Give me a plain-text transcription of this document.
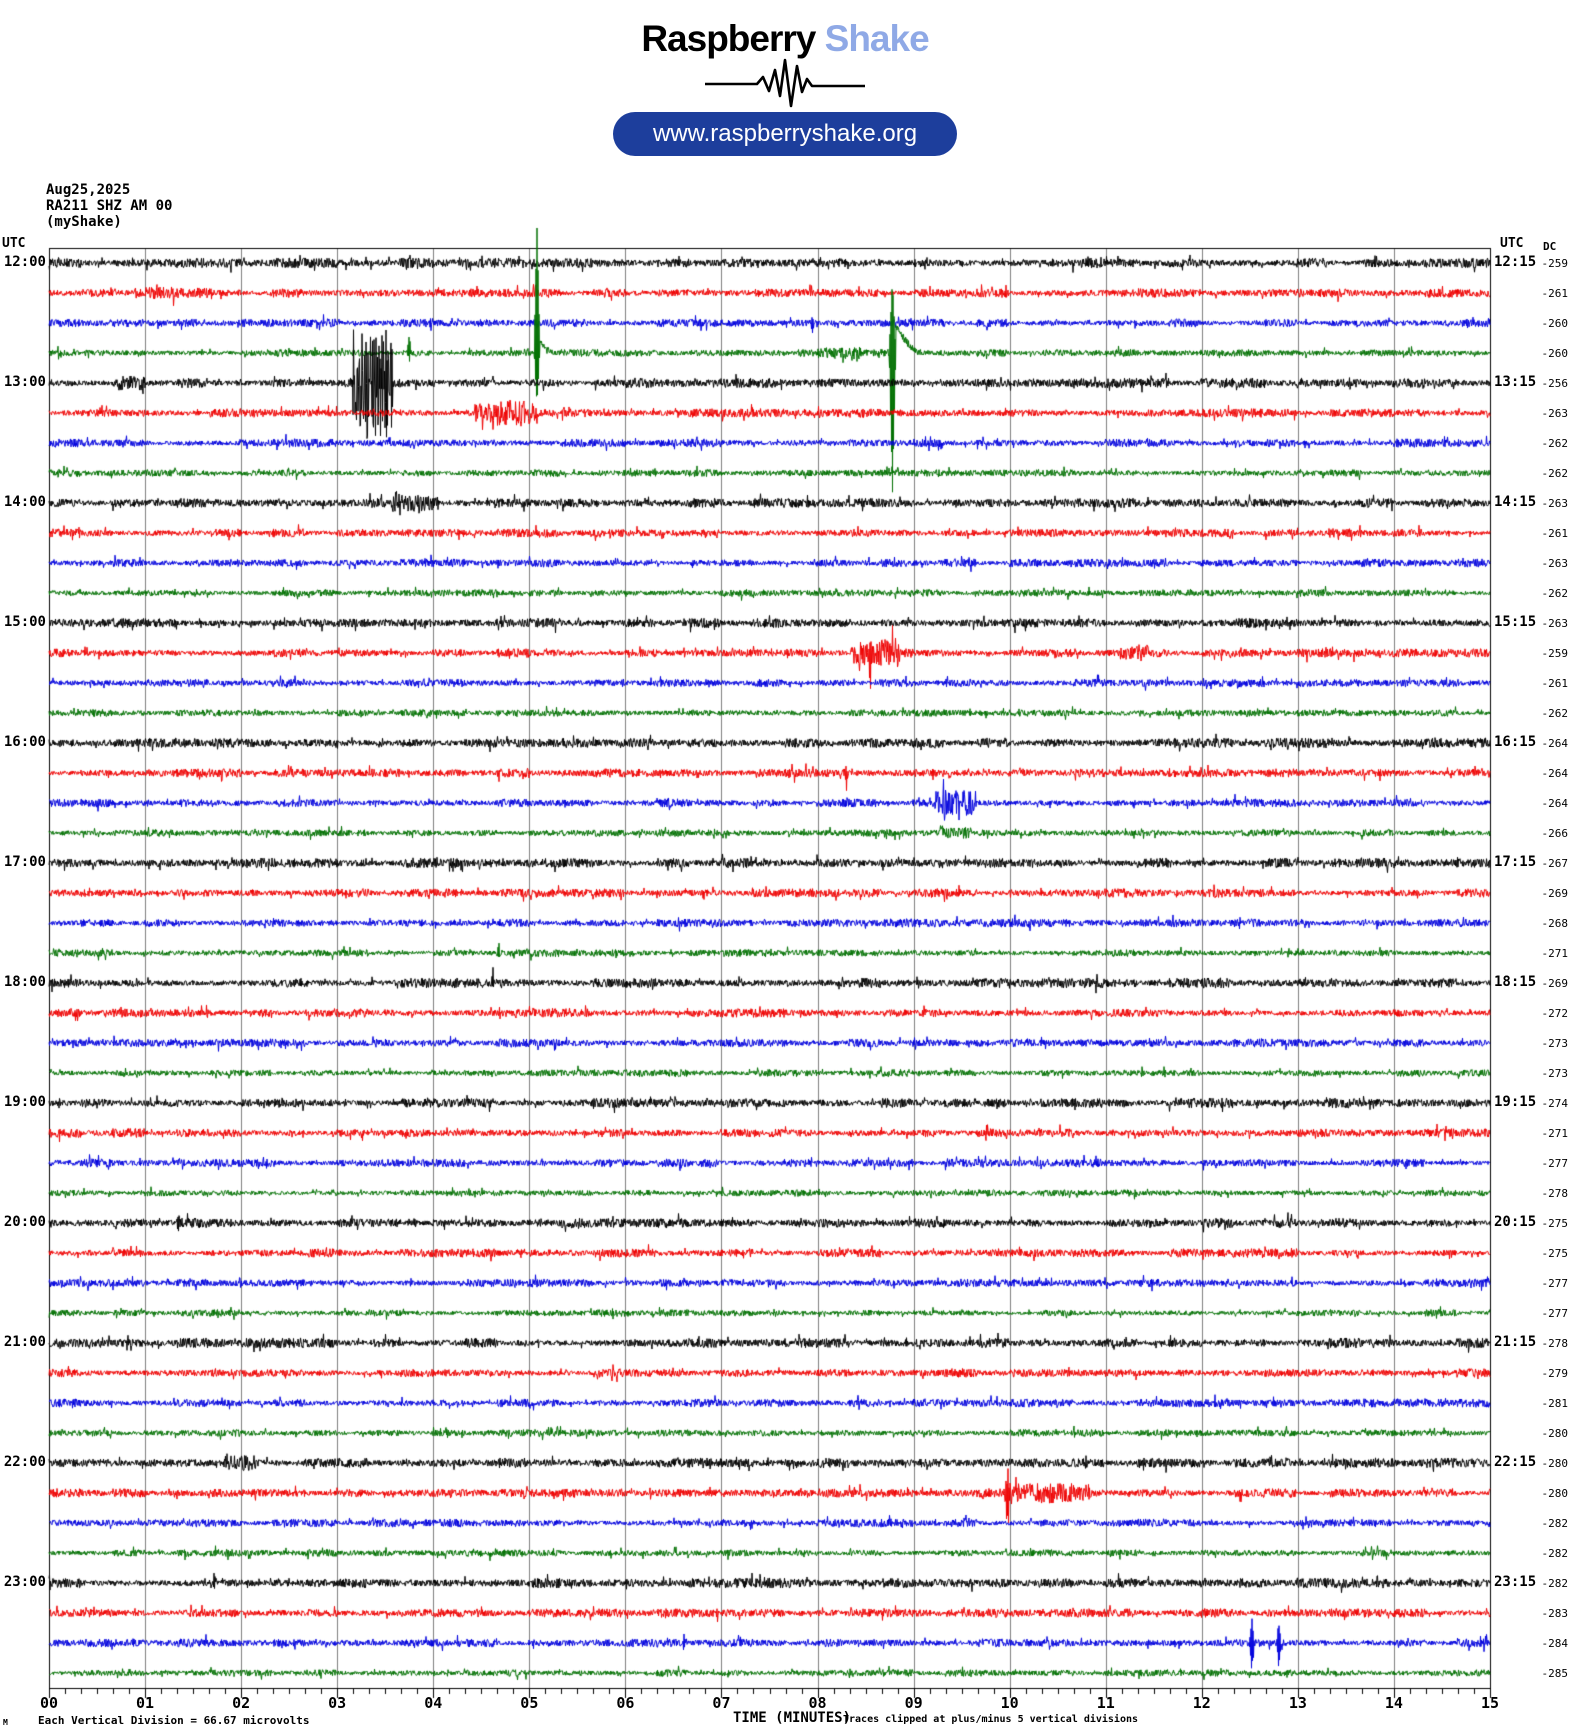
12:00
13:00
14:00
15:00
16:00
17:00
18:00
19:00
20:00
21:00
22:00
23:00
12:15
13:15
14:15
15:15
16:15
17:15
18:15
19:15
20:15
21:15
22:15
23:15
-259
-261
-260
-260
-256
-263
-262
-262
-263
-261
-263
-262
-263
-259
-261
-262
-264
-264
-264
-266
-267
-269
-268
-271
-269
-272
-273
-273
-274
-271
-277
-278
-275
-275
-277
-277
-278
-279
-281
-280
-280
-280
-282
-282
-282
-283
-284
-285
00	01	02	03	04	05	06	07	08	09	10	11	12	13	14	15
M	Each Vertical Division = 66.67 microvolts	TIME (MINUTES)
Traces clipped at plus/minus 5 vertical divisions
